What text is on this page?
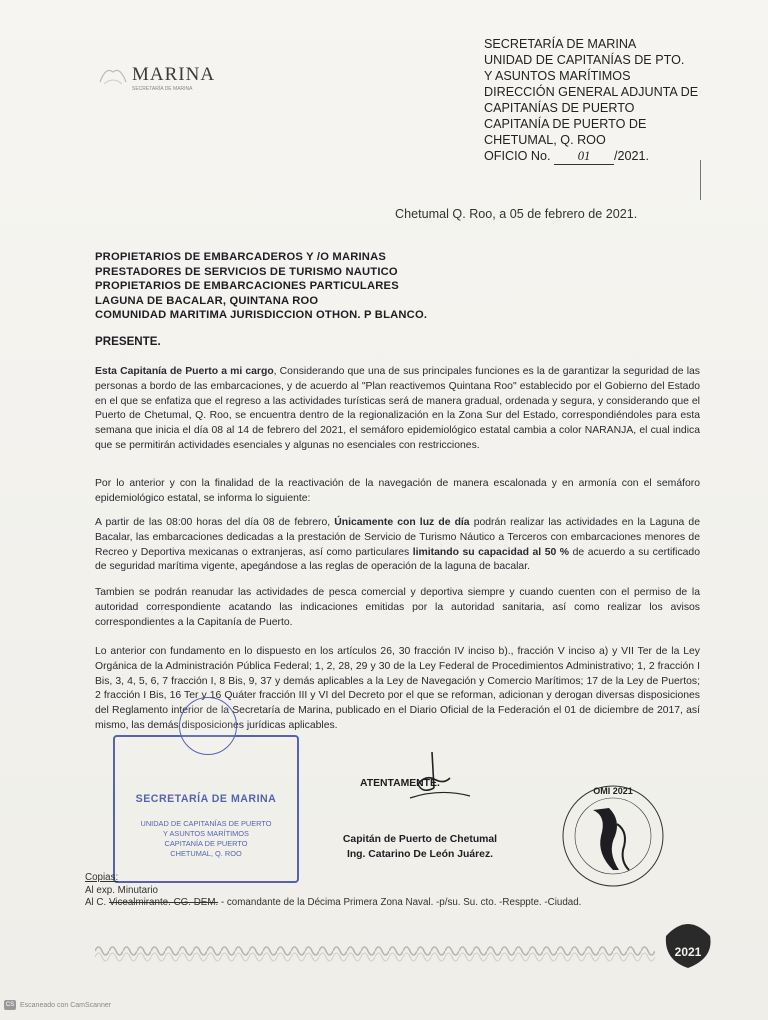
MARINA
SECRETARÍA DE MARINA
SECRETARÍA DE MARINA
UNIDAD DE CAPITANÍAS DE PTO.
Y ASUNTOS MARÍTIMOS
DIRECCIÓN GENERAL ADJUNTA DE
CAPITANÍAS DE PUERTO
CAPITANÍA DE PUERTO DE
CHETUMAL, Q. ROO
OFICIO No. 01 /2021.
Chetumal Q. Roo, a 05 de febrero de 2021.
PROPIETARIOS DE EMBARCADEROS Y /O MARINAS
PRESTADORES DE SERVICIOS DE TURISMO NAUTICO
PROPIETARIOS DE EMBARCACIONES PARTICULARES
LAGUNA DE BACALAR, QUINTANA ROO
COMUNIDAD MARITIMA JURISDICCION OTHON. P BLANCO.
PRESENTE.
Esta Capitanía de Puerto a mi cargo, Considerando que una de sus principales funciones es la de garantizar la seguridad de las personas a bordo de las embarcaciones, y de acuerdo al "Plan reactivemos Quintana Roo" establecido por el Gobierno del Estado en el que se enfatiza que el regreso a las actividades turísticas será de manera gradual, ordenada y segura, y considerando que el Puerto de Chetumal, Q. Roo, se encuentra dentro de la regionalización en la Zona Sur del Estado, correspondiéndoles para esta semana que inicia el día 08 al 14 de febrero del 2021, el semáforo epidemiológico estatal cambia a color NARANJA, el cual indica que se permitirán actividades esenciales y algunas no esenciales con restricciones.
Por lo anterior y con la finalidad de la reactivación de la navegación de manera escalonada y en armonía con el semáforo epidemiológico estatal, se informa lo siguiente:
A partir de las 08:00 horas del día 08 de febrero, Únicamente con luz de día podrán realizar las actividades en la Laguna de Bacalar, las embarcaciones dedicadas a la prestación de Servicio de Turismo Náutico a Terceros con embarcaciones menores de Recreo y Deportiva mexicanas o extranjeras, así como particulares limitando su capacidad al 50 % de acuerdo a su certificado de seguridad marítima vigente, apegándose a las reglas de operación de la laguna de bacalar.
Tambien se podrán reanudar las actividades de pesca comercial y deportiva siempre y cuando cuenten con el permiso de la autoridad correspondiente acatando las indicaciones emitidas por la autoridad sanitaria, así como realizar los avisos correspondientes a la Capitanía de Puerto.
Lo anterior con fundamento en lo dispuesto en los artículos 26, 30 fracción IV inciso b)., fracción V inciso a) y VII Ter de la Ley Orgánica de la Administración Pública Federal; 1, 2, 28, 29 y 30 de la Ley Federal de Procedimientos Administrativo; 1, 2 fracción I Bis, 3, 4, 5, 6, 7 fracción I, 8 Bis, 9, 37 y demás aplicables a la Ley de Navegación y Comercio Marítimos; 17 de la Ley de Puertos; 2 fracción I Bis, 16 Ter y 16 Quáter fracción III y VI del Decreto por el que se reforman, adicionan y derogan diversas disposiciones del Reglamento interior de la Secretaría de Marina, publicado en el Diario Oficial de la Federación el 01 de diciembre de 2017, así mismo, las demás disposiciones jurídicas aplicables.
SECRETARÍA DE MARINA
UNIDAD DE CAPITANÍAS DE PUERTO
Y ASUNTOS MARÍTIMOS
CAPITANÍA DE PUERTO
CHETUMAL, Q. ROO
ATENTAMENTE.
Capitán de Puerto de Chetumal
Ing. Catarino De León Juárez.
OMI 2021
2021
Copias:
Al exp. Minutario
Al C. Vicealmirante. CG. DEM. - comandante de la Décima Primera Zona Naval. -p/su. Su. cto. -Resppte. -Ciudad.
CS Escaneado con CamScanner
